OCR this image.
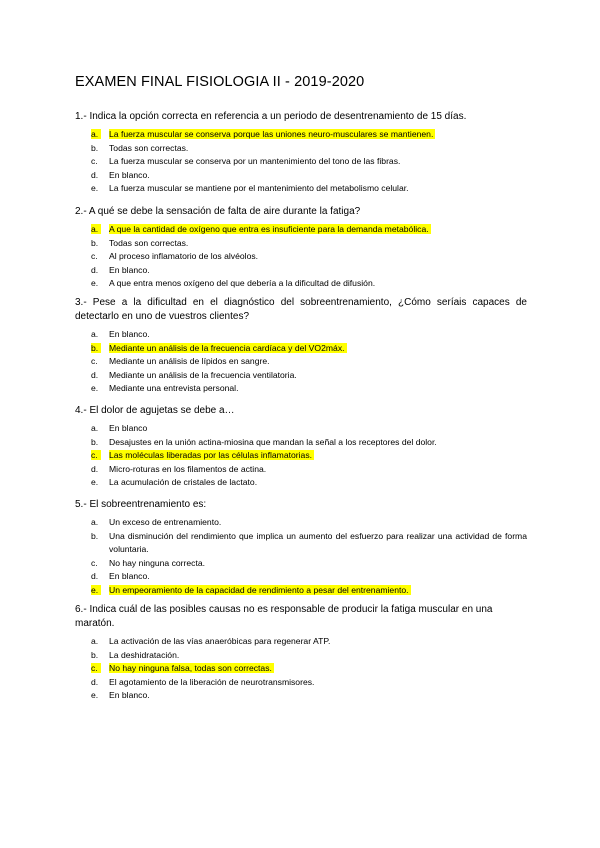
EXAMEN FINAL FISIOLOGIA II - 2019-2020

1.- Indica la opción correcta en referencia a un periodo de desentrenamiento de 15 días.

a.	La fuerza muscular se conserva porque las uniones neuro-musculares se mantienen.
b.	Todas son correctas.
c.	La fuerza muscular se conserva por un mantenimiento del tono de las fibras.
d.	En blanco.
e.	La fuerza muscular se mantiene por el mantenimiento del metabolismo celular.

2.- A qué se debe la sensación de falta de aire durante la fatiga?

a.	A que la cantidad de oxígeno que entra es insuficiente para la demanda metabólica.
b.	Todas son correctas.
c.	Al proceso inflamatorio de los alvéolos.
d.	En blanco.
e.	A que entra menos oxígeno del que debería a la dificultad de difusión.

3.- Pese a la dificultad en el diagnóstico del sobreentrenamiento, ¿Cómo seríais capaces de detectarlo en uno de vuestros clientes?

a.	En blanco.
b.	Mediante un análisis de la frecuencia cardíaca y del VO2máx.
c.	Mediante un análisis de lípidos en sangre.
d.	Mediante un análisis de la frecuencia ventilatoria.
e.	Mediante una entrevista personal.

4.- El dolor de agujetas se debe a…

a.	En blanco
b.	Desajustes en la unión actina-miosina que mandan la señal a los receptores del dolor.
c.	Las moléculas liberadas por las células inflamatorias.
d.	Micro-roturas en los filamentos de actina.
e.	La acumulación de cristales de lactato.

5.- El sobreentrenamiento es:

a.	Un exceso de entrenamiento.
b.	Una disminución del rendimiento que implica un aumento del esfuerzo para realizar una actividad de forma voluntaria.
c.	No hay ninguna correcta.
d.	En blanco.
e.	Un empeoramiento de la capacidad de rendimiento a pesar del entrenamiento.

6.- Indica cuál de las posibles causas no es responsable de producir la fatiga muscular en una maratón.

a.	La activación de las vías anaeróbicas para regenerar ATP.
b.	La deshidratación.
c.	No hay ninguna falsa, todas son correctas.
d.	El agotamiento de la liberación de neurotransmisores.
e.	En blanco.
